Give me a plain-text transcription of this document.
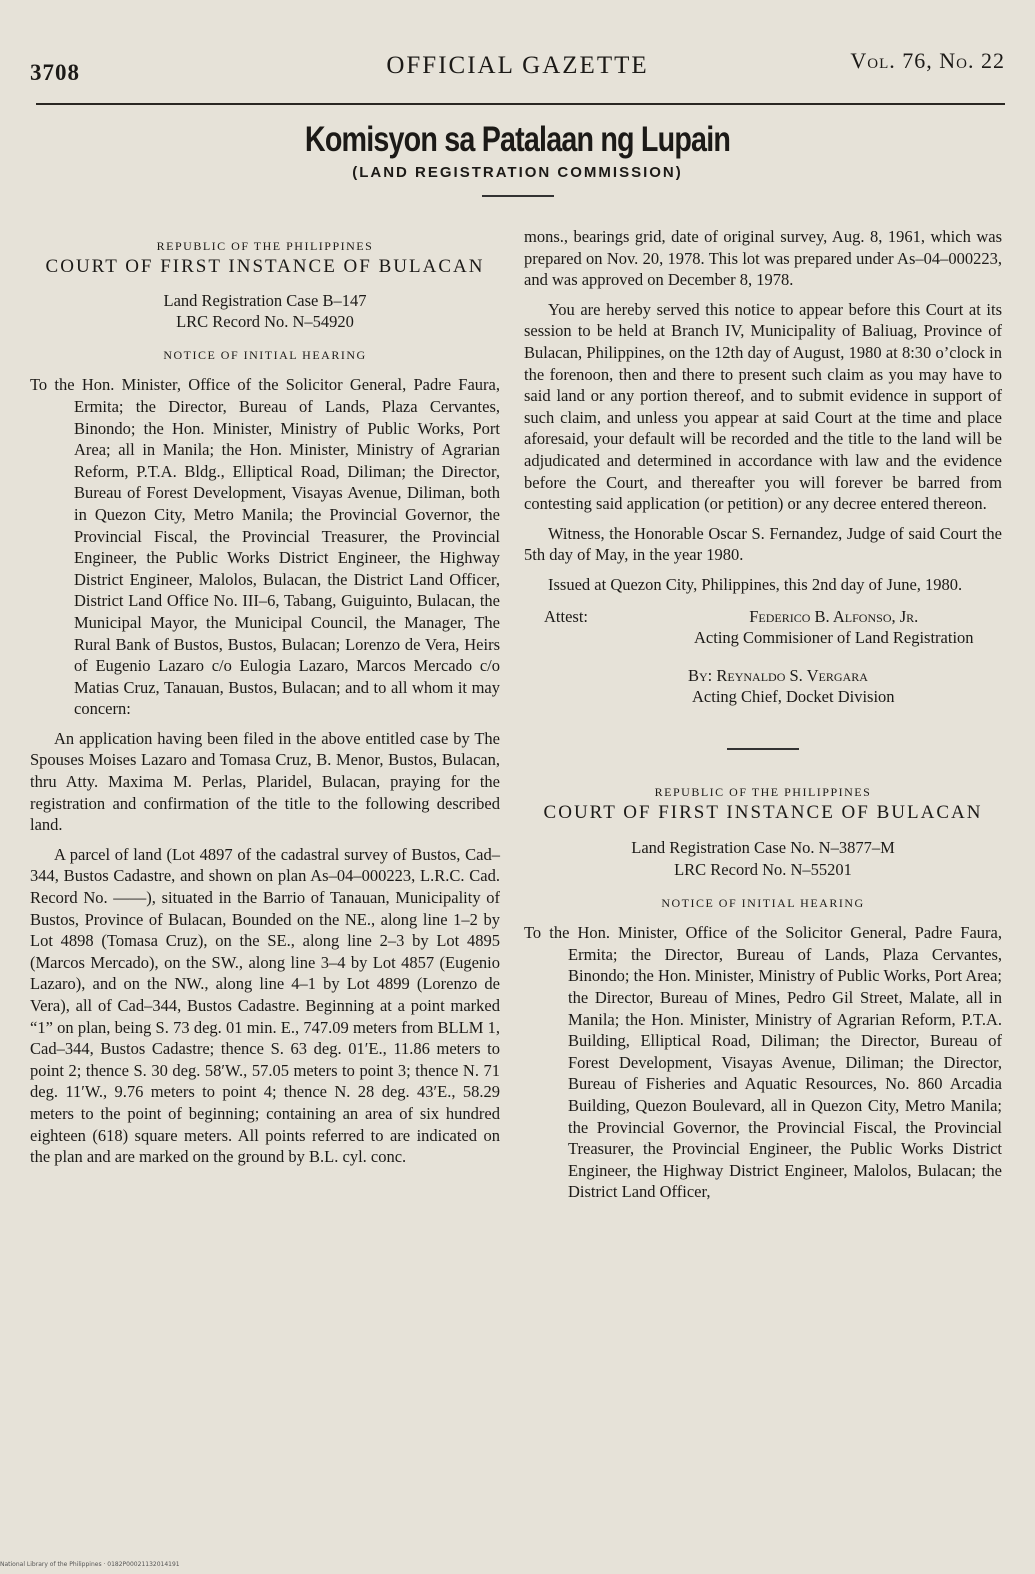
3708	OFFICIAL GAZETTE	Vol. 76, No. 22
Komisyon sa Patalaan ng Lupain
(LAND REGISTRATION COMMISSION)
REPUBLIC OF THE PHILIPPINES
COURT OF FIRST INSTANCE OF BULACAN
Land Registration Case B–147
LRC Record No. N–54920
NOTICE OF INITIAL HEARING

To the Hon. Minister, Office of the Solicitor General, Padre Faura, Ermita; the Director, Bureau of Lands, Plaza Cervantes, Binondo; the Hon. Minister, Ministry of Public Works, Port Area; all in Manila; the Hon. Minister, Ministry of Agrarian Reform, P.T.A. Bldg., Elliptical Road, Diliman; the Director, Bureau of Forest Development, Visayas Avenue, Diliman, both in Quezon City, Metro Manila; the Provincial Governor, the Provincial Fiscal, the Provincial Treasurer, the Provincial Engineer, the Public Works District Engineer, the Highway District Engineer, Malolos, Bulacan, the District Land Officer, District Land Office No. III–6, Tabang, Guiguinto, Bulacan, the Municipal Mayor, the Municipal Council, the Manager, The Rural Bank of Bustos, Bustos, Bulacan; Lorenzo de Vera, Heirs of Eugenio Lazaro c/o Eulogia Lazaro, Marcos Mercado c/o Matias Cruz, Tanauan, Bustos, Bulacan; and to all whom it may concern:

An application having been filed in the above entitled case by The Spouses Moises Lazaro and Tomasa Cruz, B. Menor, Bustos, Bulacan, thru Atty. Maxima M. Perlas, Plaridel, Bulacan, praying for the registration and confirmation of the title to the following described land.

A parcel of land (Lot 4897 of the cadastral survey of Bustos, Cad–344, Bustos Cadastre, and shown on plan As–04–000223, L.R.C. Cad. Record No. ——), situated in the Barrio of Tanauan, Municipality of Bustos, Province of Bulacan, Bounded on the NE., along line 1–2 by Lot 4898 (Tomasa Cruz), on the SE., along line 2–3 by Lot 4895 (Marcos Mercado), on the SW., along line 3–4 by Lot 4857 (Eugenio Lazaro), and on the NW., along line 4–1 by Lot 4899 (Lorenzo de Vera), all of Cad–344, Bustos Cadastre. Beginning at a point marked “1” on plan, being S. 73 deg. 01 min. E., 747.09 meters from BLLM 1, Cad–344, Bustos Cadastre; thence S. 63 deg. 01′E., 11.86 meters to point 2; thence S. 30 deg. 58′W., 57.05 meters to point 3; thence N. 71 deg. 11′W., 9.76 meters to point 4; thence N. 28 deg. 43′E., 58.29 meters to the point of beginning; containing an area of six hundred eighteen (618) square meters. All points referred to are indicated on the plan and are marked on the ground by B.L. cyl. conc.

mons., bearings grid, date of original survey, Aug. 8, 1961, which was prepared on Nov. 20, 1978. This lot was prepared under As–04–000223, and was approved on December 8, 1978.

You are hereby served this notice to appear before this Court at its session to be held at Branch IV, Municipality of Baliuag, Province of Bulacan, Philippines, on the 12th day of August, 1980 at 8:30 o’clock in the forenoon, then and there to present such claim as you may have to said land or any portion thereof, and to submit evidence in support of such claim, and unless you appear at said Court at the time and place aforesaid, your default will be recorded and the title to the land will be adjudicated and determined in accordance with law and the evidence before the Court, and thereafter you will forever be barred from contesting said application (or petition) or any decree entered thereon.

Witness, the Honorable Oscar S. Fernandez, Judge of said Court the 5th day of May, in the year 1980.

Issued at Quezon City, Philippines, this 2nd day of June, 1980.

Attest:	Federico B. Alfonso, Jr.
Acting Commisioner of Land Registration
By: Reynaldo S. Vergara
Acting Chief, Docket Division
REPUBLIC OF THE PHILIPPINES
COURT OF FIRST INSTANCE OF BULACAN
Land Registration Case No. N–3877–M
LRC Record No. N–55201
NOTICE OF INITIAL HEARING

To the Hon. Minister, Office of the Solicitor General, Padre Faura, Ermita; the Director, Bureau of Lands, Plaza Cervantes, Binondo; the Hon. Minister, Ministry of Public Works, Port Area; the Director, Bureau of Mines, Pedro Gil Street, Malate, all in Manila; the Hon. Minister, Ministry of Agrarian Reform, P.T.A. Building, Elliptical Road, Diliman; the Director, Bureau of Forest Development, Visayas Avenue, Diliman; the Director, Bureau of Fisheries and Aquatic Resources, No. 860 Arcadia Building, Quezon Boulevard, all in Quezon City, Metro Manila; the Provincial Governor, the Provincial Fiscal, the Provincial Treasurer, the Provincial Engineer, the Public Works District Engineer, the Highway District Engineer, Malolos, Bulacan; the District Land Officer,

National Library of the Philippines · 0182P00021132014191
